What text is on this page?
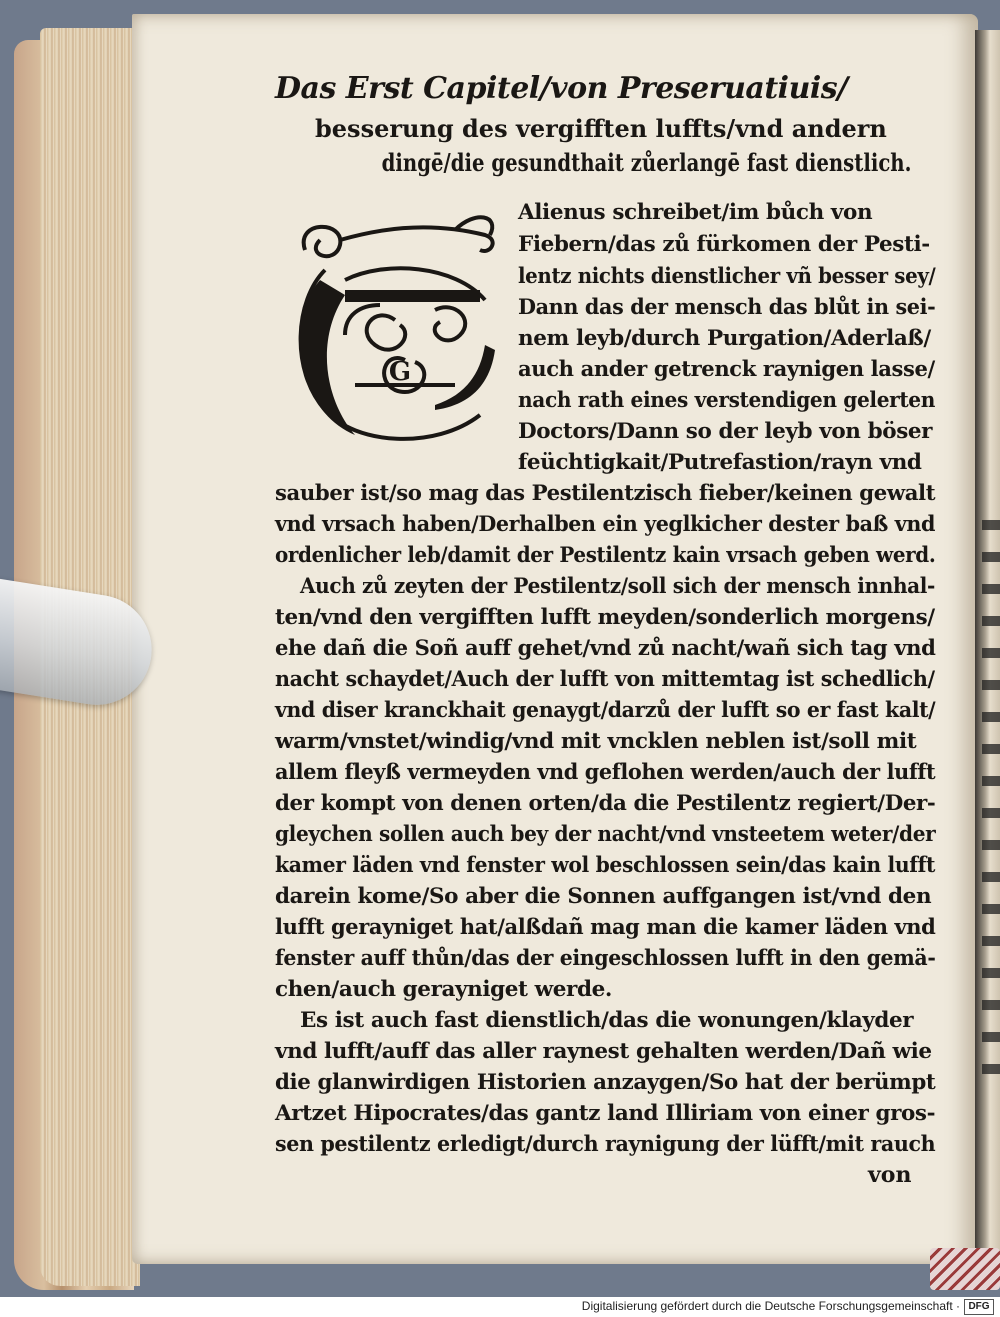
Das Erst Capitel/von Preseruatiuis/

besserung des vergifften luffts/vnd andern

dingē/die gesundthait zůerlangē fast dienstlich.

G
Alienus schreibet/im bůch von
Fiebern/das zů fürkomen der Pesti-
lentz nichts dienstlicher vñ besser sey/
Dann das der mensch das blůt in sei-
nem leyb/durch Purgation/Aderlaß/
auch ander getrenck raynigen lasse/
nach rath eines verstendigen gelerten
Doctors/Dann so der leyb von böser
feüchtigkait/Putrefastion/rayn vnd
sauber ist/so mag das Pestilentzisch fieber/keinen gewalt
vnd vrsach haben/Derhalben ein yeglkicher dester baß vnd
ordenlicher leb/damit der Pestilentz kain vrsach geben werd.
Auch zů zeyten der Pestilentz/soll sich der mensch innhal-
ten/vnd den vergifften lufft meyden/sonderlich morgens/
ehe dañ die Soñ auff gehet/vnd zů nacht/wañ sich tag vnd
nacht schaydet/Auch der lufft von mittemtag ist schedlich/
vnd diser kranckhait genaygt/darzů der lufft so er fast kalt/
warm/vnstet/windig/vnd mit vncklen neblen ist/soll mit
allem fleyß vermeyden vnd geflohen werden/auch der lufft
der kompt von denen orten/da die Pestilentz regiert/Der-
gleychen sollen auch bey der nacht/vnd vnsteetem weter/der
kamer läden vnd fenster wol beschlossen sein/das kain lufft
darein kome/So aber die Sonnen auffgangen ist/vnd den
lufft gerayniget hat/alßdañ mag man die kamer läden vnd
fenster auff thůn/das der eingeschlossen lufft in den gemä-
chen/auch gerayniget werde.
Es ist auch fast dienstlich/das die wonungen/klayder
vnd lufft/auff das aller raynest gehalten werden/Dañ wie
die glanwirdigen Historien anzaygen/So hat der berümpt
Artzet Hipocrates/das gantz land Illiriam von einer gros-
sen pestilentz erledigt/durch raynigung der lüfft/mit rauch
von
Digitalisierung gefördert durch die Deutsche Forschungsgemeinschaft · DFG
